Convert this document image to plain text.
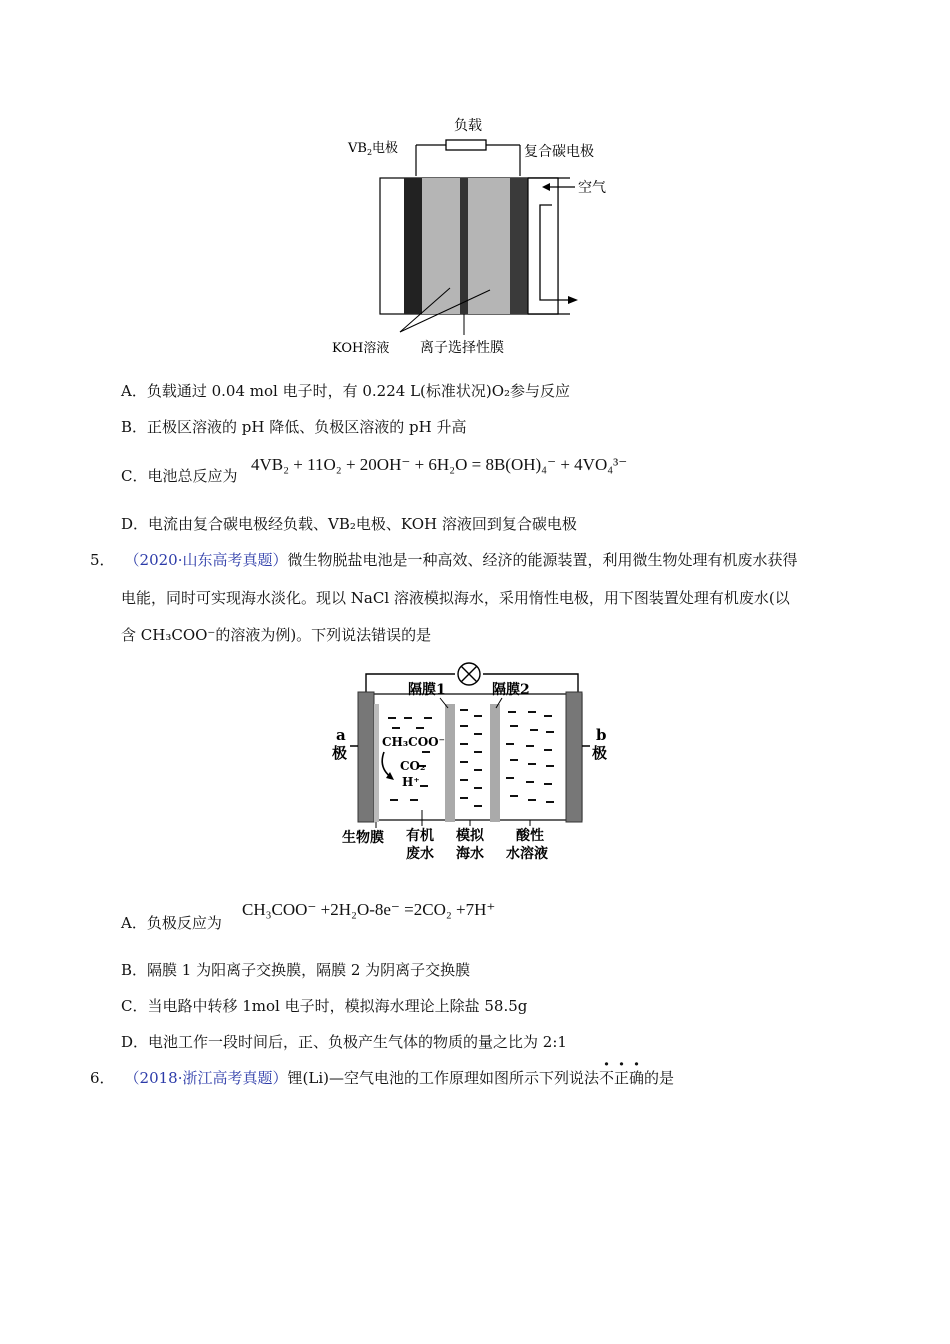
负载
$VB_2$电极	复合碳电极
空气
KOH溶液 离子选择性膜
A．负载通过 0.04 mol 电子时，有 0.224 L(标准状况)O₂参与反应
B．正极区溶液的 pH 降低、负极区溶液的 pH 升高
C．电池总反应为
4VB₂ + 11O₂ + 20OH⁻ + 6H₂O = 8B(OH)₄⁻ + 4VO₄³⁻
D．电流由复合碳电极经负载、VB₂电极、KOH 溶液回到复合碳电极
5． （2020·山东高考真题）微生物脱盐电池是一种高效、经济的能源装置，利用微生物处理有机废水获得
电能，同时可实现海水淡化。现以 NaCl 溶液模拟海水，采用惰性电极，用下图装置处理有机废水(以
含 CH₃COO⁻的溶液为例)。下列说法错误的是
隔膜1	隔膜2
a
极
b
极
CH₃COO⁻
CO₂
H⁺
生物膜 有机
废水
模拟
海水
酸性
水溶液
A．负极反应为
CH₃COO⁻ +2H₂O-8e⁻ =2CO₂ +7H⁺
B．隔膜 1 为阳离子交换膜，隔膜 2 为阴离子交换膜
C．当电路中转移 1mol 电子时，模拟海水理论上除盐 58.5g
D．电池工作一段时间后，正、负极产生气体的物质的量之比为 2:1
6． （2018·浙江高考真题）锂(Li)—空气电池的工作原理如图所示下列说法不正确的是
